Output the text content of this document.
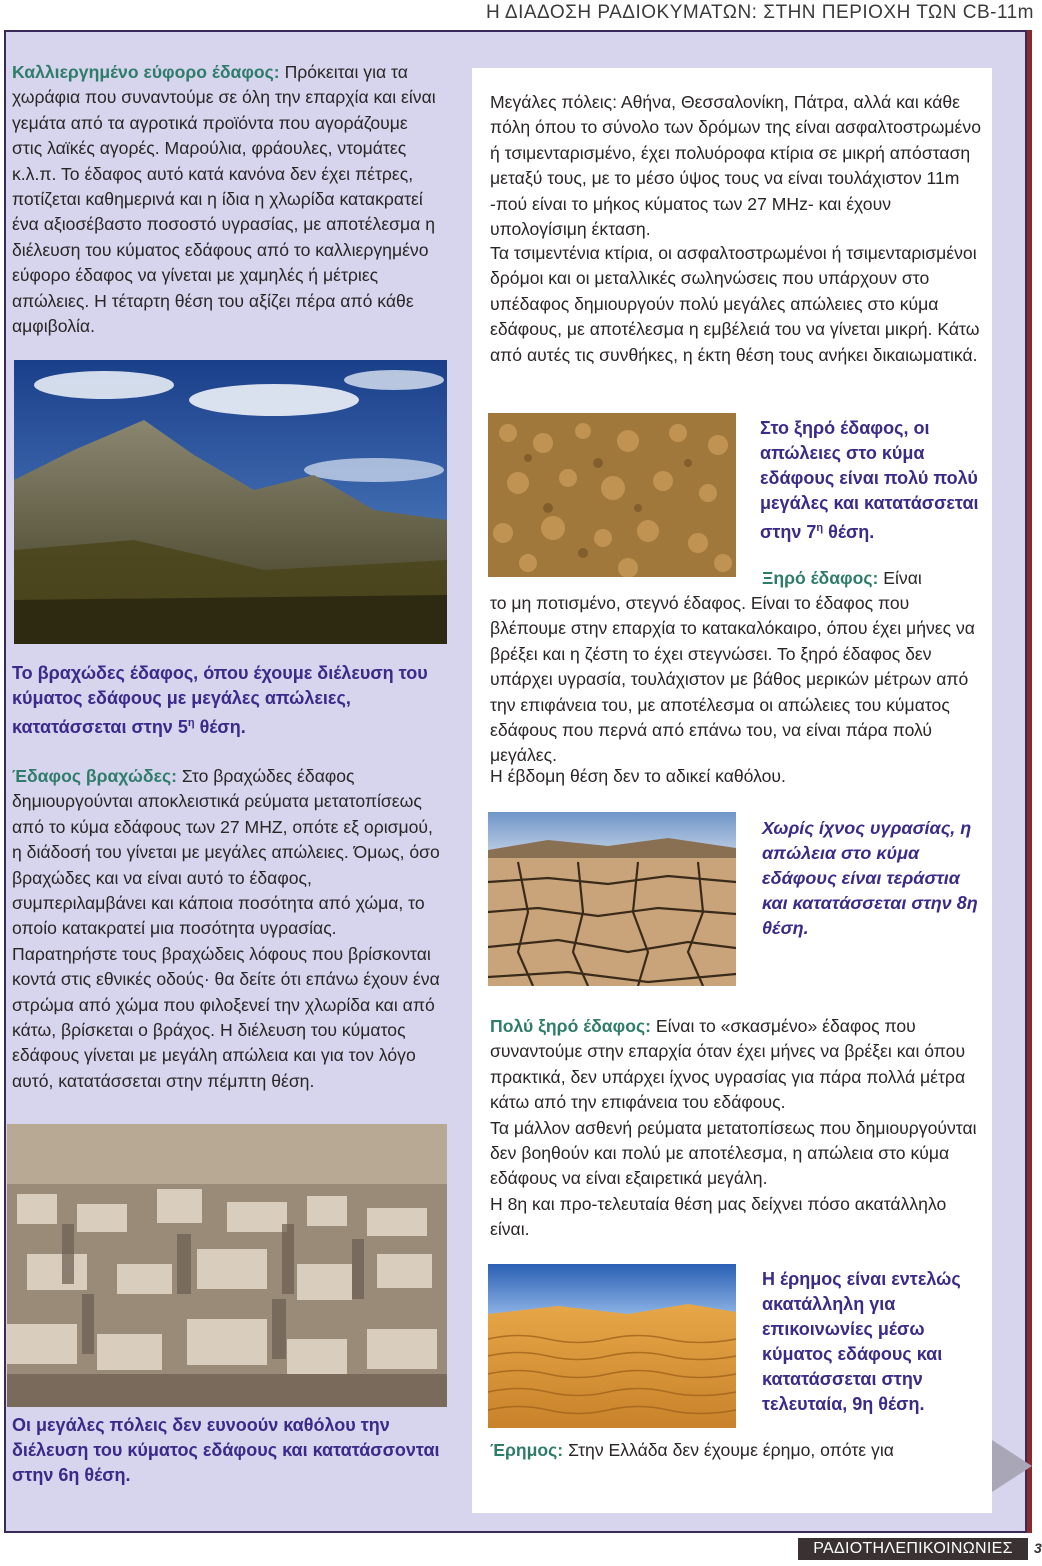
Η ΔΙΑΔΟΣΗ ΡΑΔΙΟΚΥΜΑΤΩΝ: ΣΤΗΝ ΠΕΡΙΟΧΗ ΤΩΝ CB-11m
Καλλιεργημένο εύφορο έδαφος: Πρόκειται για τα χωράφια που συναντούμε σε όλη την επαρχία και είναι γεμάτα από τα αγροτικά προϊόντα που αγοράζουμε στις λαϊκές αγορές. Μαρούλια, φράουλες, ντομάτες κ.λ.π. Το έδαφος αυτό κατά κανόνα δεν έχει πέτρες, ποτίζεται καθημερινά και η ίδια η χλωρίδα κατακρατεί ένα αξιοσέβαστο ποσοστό υγρασίας, με αποτέλεσμα η διέλευση του κύματος εδάφους από το καλλιεργημένο εύφορο έδαφος να γίνεται με χαμηλές ή μέτριες απώλειες. Η τέταρτη θέση του αξίζει πέρα από κάθε αμφιβολία.
Το βραχώδες έδαφος, όπου έχουμε διέλευση του κύματος εδάφους με μεγάλες απώλειες, κατατάσσεται στην $5^\eta$ θέση.
Έδαφος βραχώδες: Στο βραχώδες έδαφος δημιουργούνται αποκλειστικά ρεύματα μετατοπίσεως από το κύμα εδάφους των 27 MHZ, οπότε εξ ορισμού, η διάδοσή του γίνεται με μεγάλες απώλειες. Όμως, όσο βραχώδες και να είναι αυτό το έδαφος, συμπεριλαμβάνει και κάποια ποσότητα από χώμα, το οποίο κατακρατεί μια ποσότητα υγρασίας. Παρατηρήστε τους βραχώδεις λόφους που βρίσκονται κοντά στις εθνικές οδούς· θα δείτε ότι επάνω έχουν ένα στρώμα από χώμα που φιλοξενεί την χλωρίδα και από κάτω, βρίσκεται ο βράχος. Η διέλευση του κύματος εδάφους γίνεται με μεγάλη απώλεια και για τον λόγο αυτό, κατατάσσεται στην πέμπτη θέση.
Οι μεγάλες πόλεις δεν ευνοούν καθόλου την διέλευση του κύματος εδάφους και κατατάσσονται στην 6η θέση.
Μεγάλες πόλεις: Αθήνα, Θεσσαλονίκη, Πάτρα, αλλά και κάθε πόλη όπου το σύνολο των δρόμων της είναι ασφαλτοστρωμένο ή τσιμενταρισμένο, έχει πολυόροφα κτίρια σε μικρή απόσταση μεταξύ τους, με το μέσο ύψος τους να είναι τουλάχιστον 11m -πού είναι το μήκος κύματος των 27 MHz- και έχουν υπολογίσιμη έκταση.
Τα τσιμεντένια κτίρια, οι ασφαλτοστρωμένοι ή τσιμενταρισμένοι δρόμοι και οι μεταλλικές σωληνώσεις που υπάρχουν στο υπέδαφος δημιουργούν πολύ μεγάλες απώλειες στο κύμα εδάφους, με αποτέλεσμα η εμβέλειά του να γίνεται μικρή. Κάτω από αυτές τις συνθήκες, η έκτη θέση τους ανήκει δικαιωματικά.
Στο ξηρό έδαφος, οι απώλειες στο κύμα εδάφους είναι πολύ πολύ μεγάλες και κατατάσσεται στην $7^\eta$ θέση.
Ξηρό έδαφος: Είναι
το μη ποτισμένο, στεγνό έδαφος. Είναι το έδαφος που βλέπουμε στην επαρχία το κατακαλόκαιρο, όπου έχει μήνες να βρέξει και η ζέστη το έχει στεγνώσει. Το ξηρό έδαφος δεν υπάρχει υγρασία, τουλάχιστον με βάθος μερικών μέτρων από την επιφάνεια του, με αποτέλεσμα οι απώλειες του κύματος εδάφους που περνά από επάνω του, να είναι πάρα πολύ μεγάλες.
Η έβδομη θέση δεν το αδικεί καθόλου.
Χωρίς ίχνος υγρασίας, η απώλεια στο κύμα εδάφους είναι τεράστια και κατατάσσεται στην 8η θέση.
Πολύ ξηρό έδαφος: Είναι το «σκασμένο» έδαφος που συναντούμε στην επαρχία όταν έχει μήνες να βρέξει και όπου πρακτικά, δεν υπάρχει ίχνος υγρασίας για πάρα πολλά μέτρα κάτω από την επιφάνεια του εδάφους.
Τα μάλλον ασθενή ρεύματα μετατοπίσεως που δημιουργούνται δεν βοηθούν και πολύ με αποτέλεσμα, η απώλεια στο κύμα εδάφους να είναι εξαιρετικά μεγάλη.
Η 8η και προ-τελευταία θέση μας δείχνει πόσο ακατάλληλο είναι.
Η έρημος είναι εντελώς ακατάλληλη για επικοινωνίες μέσω κύματος εδάφους και κατατάσσεται στην τελευταία, 9η θέση.
Έρημος: Στην Ελλάδα δεν έχουμε έρημο, οπότε για
ΡΑΔΙΟΤΗΛΕΠΙΚΟΙΝΩΝΙΕΣ	3
